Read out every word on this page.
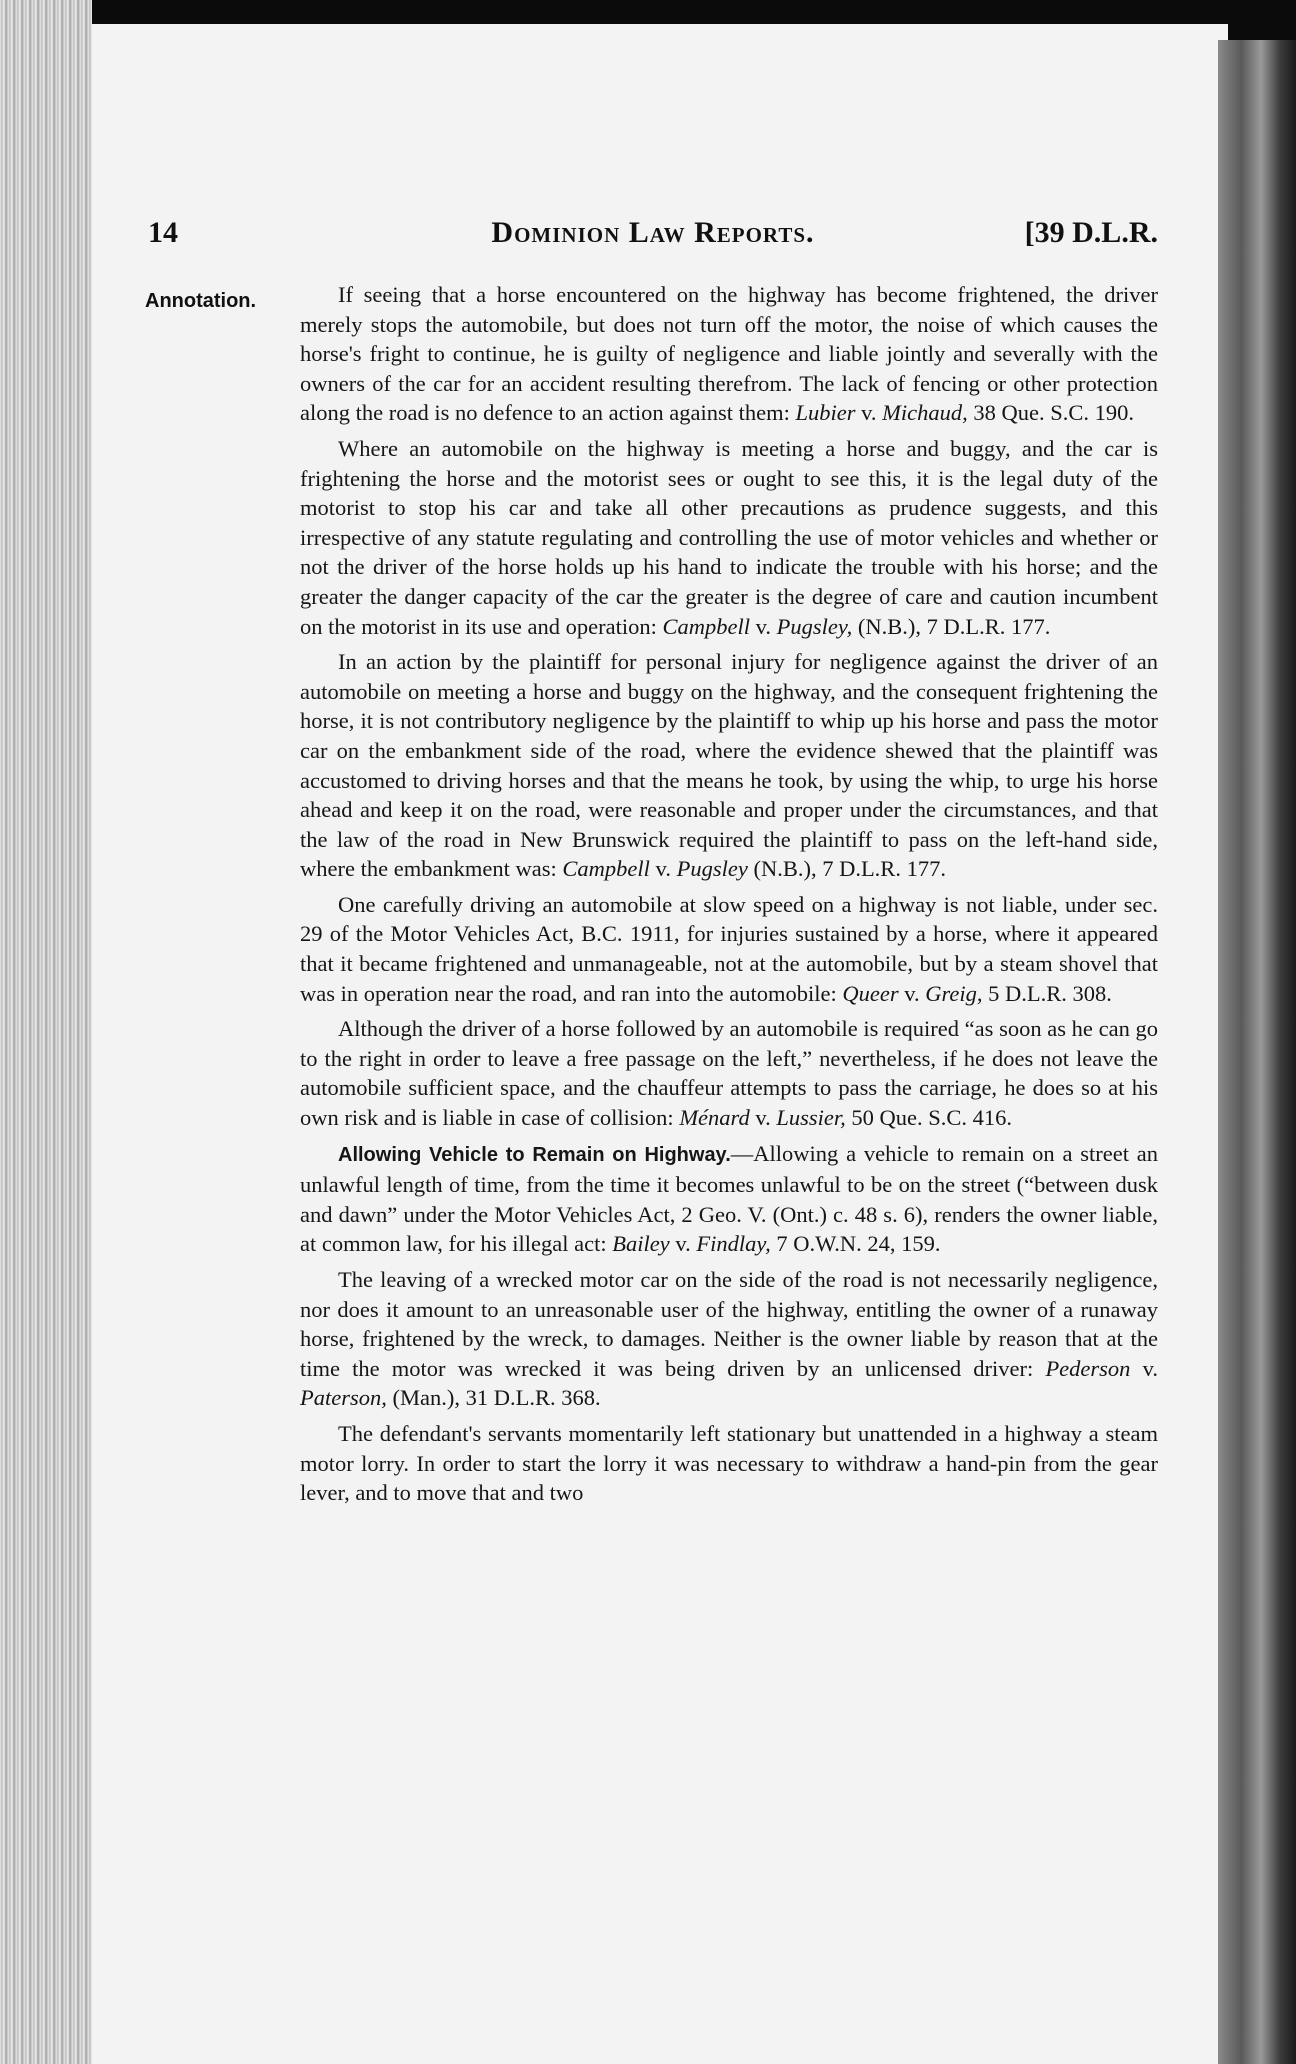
14	Dominion Law Reports.	[39 D.L.R.
Annotation.	If seeing that a horse encountered on the highway has become frightened, the driver merely stops the automobile, but does not turn off the motor, the noise of which causes the horse's fright to continue, he is guilty of negligence and liable jointly and severally with the owners of the car for an accident resulting therefrom. The lack of fencing or other protection along the road is no defence to an action against them: Lubier v. Michaud, 38 Que. S.C. 190.

Where an automobile on the highway is meeting a horse and buggy, and the car is frightening the horse and the motorist sees or ought to see this, it is the legal duty of the motorist to stop his car and take all other precautions as prudence suggests, and this irrespective of any statute regulating and controlling the use of motor vehicles and whether or not the driver of the horse holds up his hand to indicate the trouble with his horse; and the greater the danger capacity of the car the greater is the degree of care and caution incumbent on the motorist in its use and operation: Campbell v. Pugsley, (N.B.), 7 D.L.R. 177.

In an action by the plaintiff for personal injury for negligence against the driver of an automobile on meeting a horse and buggy on the highway, and the consequent frightening the horse, it is not contributory negligence by the plaintiff to whip up his horse and pass the motor car on the embankment side of the road, where the evidence shewed that the plaintiff was accustomed to driving horses and that the means he took, by using the whip, to urge his horse ahead and keep it on the road, were reasonable and proper under the circumstances, and that the law of the road in New Brunswick required the plaintiff to pass on the left-hand side, where the embankment was: Campbell v. Pugsley (N.B.), 7 D.L.R. 177.

One carefully driving an automobile at slow speed on a highway is not liable, under sec. 29 of the Motor Vehicles Act, B.C. 1911, for injuries sustained by a horse, where it appeared that it became frightened and unmanageable, not at the automobile, but by a steam shovel that was in operation near the road, and ran into the automobile: Queer v. Greig, 5 D.L.R. 308.

Although the driver of a horse followed by an automobile is required “as soon as he can go to the right in order to leave a free passage on the left,” nevertheless, if he does not leave the automobile sufficient space, and the chauffeur attempts to pass the carriage, he does so at his own risk and is liable in case of collision: Ménard v. Lussier, 50 Que. S.C. 416.

Allowing Vehicle to Remain on Highway.—Allowing a vehicle to remain on a street an unlawful length of time, from the time it becomes unlawful to be on the street (“between dusk and dawn” under the Motor Vehicles Act, 2 Geo. V. (Ont.) c. 48 s. 6), renders the owner liable, at common law, for his illegal act: Bailey v. Findlay, 7 O.W.N. 24, 159.

The leaving of a wrecked motor car on the side of the road is not necessarily negligence, nor does it amount to an unreasonable user of the highway, entitling the owner of a runaway horse, frightened by the wreck, to damages. Neither is the owner liable by reason that at the time the motor was wrecked it was being driven by an unlicensed driver: Pederson v. Paterson, (Man.), 31 D.L.R. 368.

The defendant's servants momentarily left stationary but unattended in a highway a steam motor lorry. In order to start the lorry it was necessary to withdraw a hand-pin from the gear lever, and to move that and two
